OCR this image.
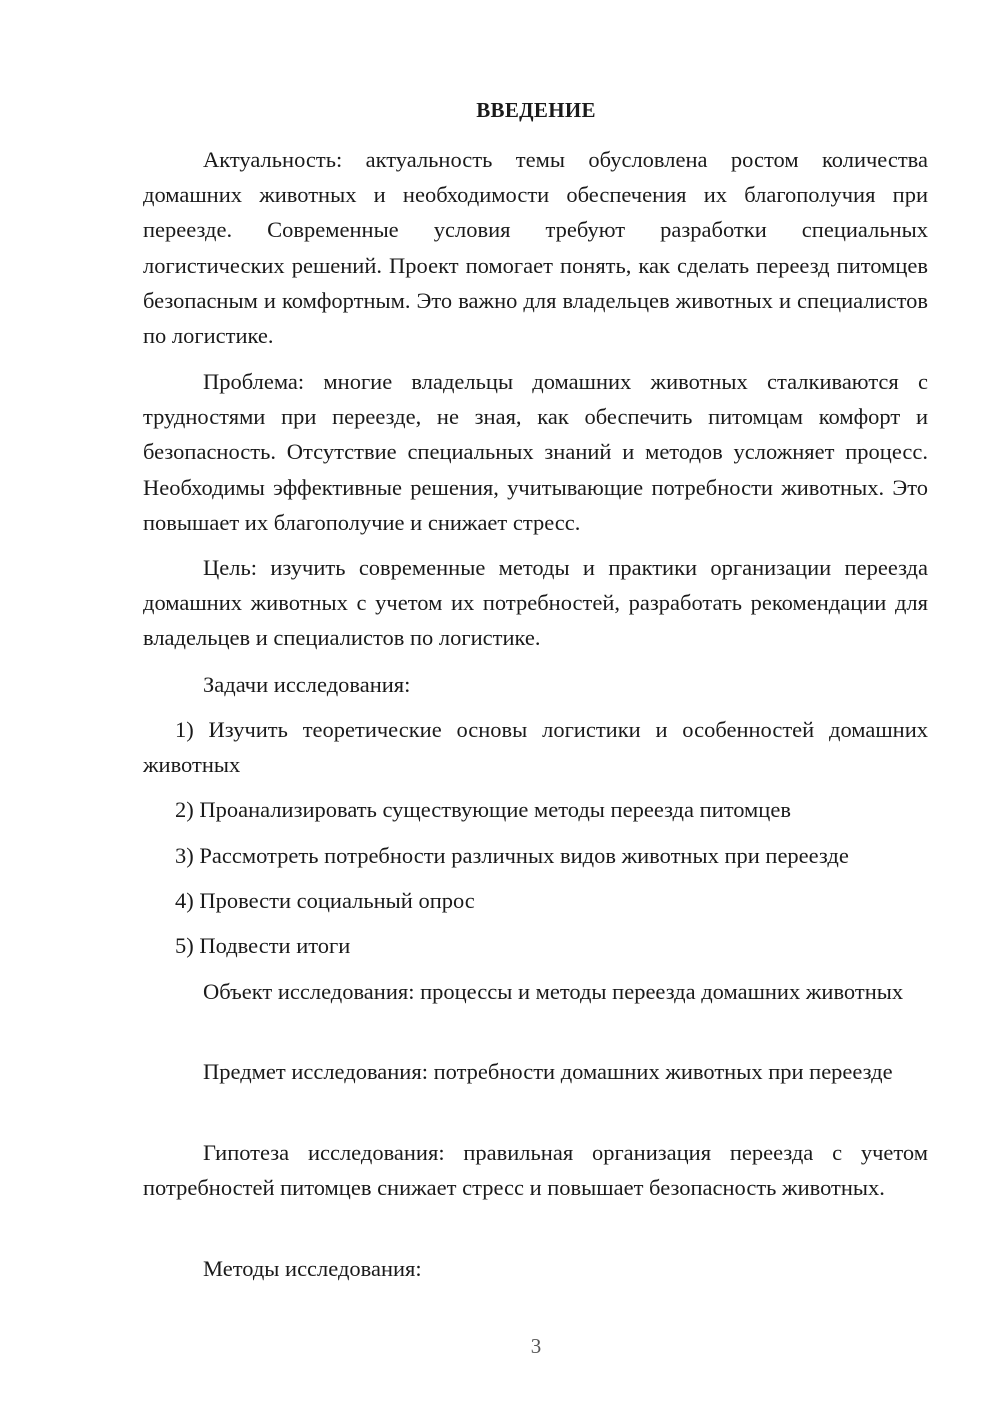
ВВЕДЕНИЕ

Актуальность: актуальность темы обусловлена ростом количества домашних животных и необходимости обеспечения их благополучия при переезде. Современные условия требуют разработки специальных логистических решений. Проект помогает понять, как сделать переезд питомцев безопасным и комфортным. Это важно для владельцев животных и специалистов по логистике.

Проблема: многие владельцы домашних животных сталкиваются с трудностями при переезде, не зная, как обеспечить питомцам комфорт и безопасность. Отсутствие специальных знаний и методов усложняет процесс. Необходимы эффективные решения, учитывающие потребности животных. Это повышает их благополучие и снижает стресс.

Цель: изучить современные методы и практики организации переезда домашних животных с учетом их потребностей, разработать рекомендации для владельцев и специалистов по логистике.

Задачи исследования:

1) Изучить теоретические основы логистики и особенностей домашних животных

2) Проанализировать существующие методы переезда питомцев

3) Рассмотреть потребности различных видов животных при переезде

4) Провести социальный опрос

5) Подвести итоги

Объект исследования: процессы и методы переезда домашних животных

Предмет исследования: потребности домашних животных при переезде

Гипотеза исследования: правильная организация переезда с учетом потребностей питомцев снижает стресс и повышает безопасность животных.

Методы исследования:

3
